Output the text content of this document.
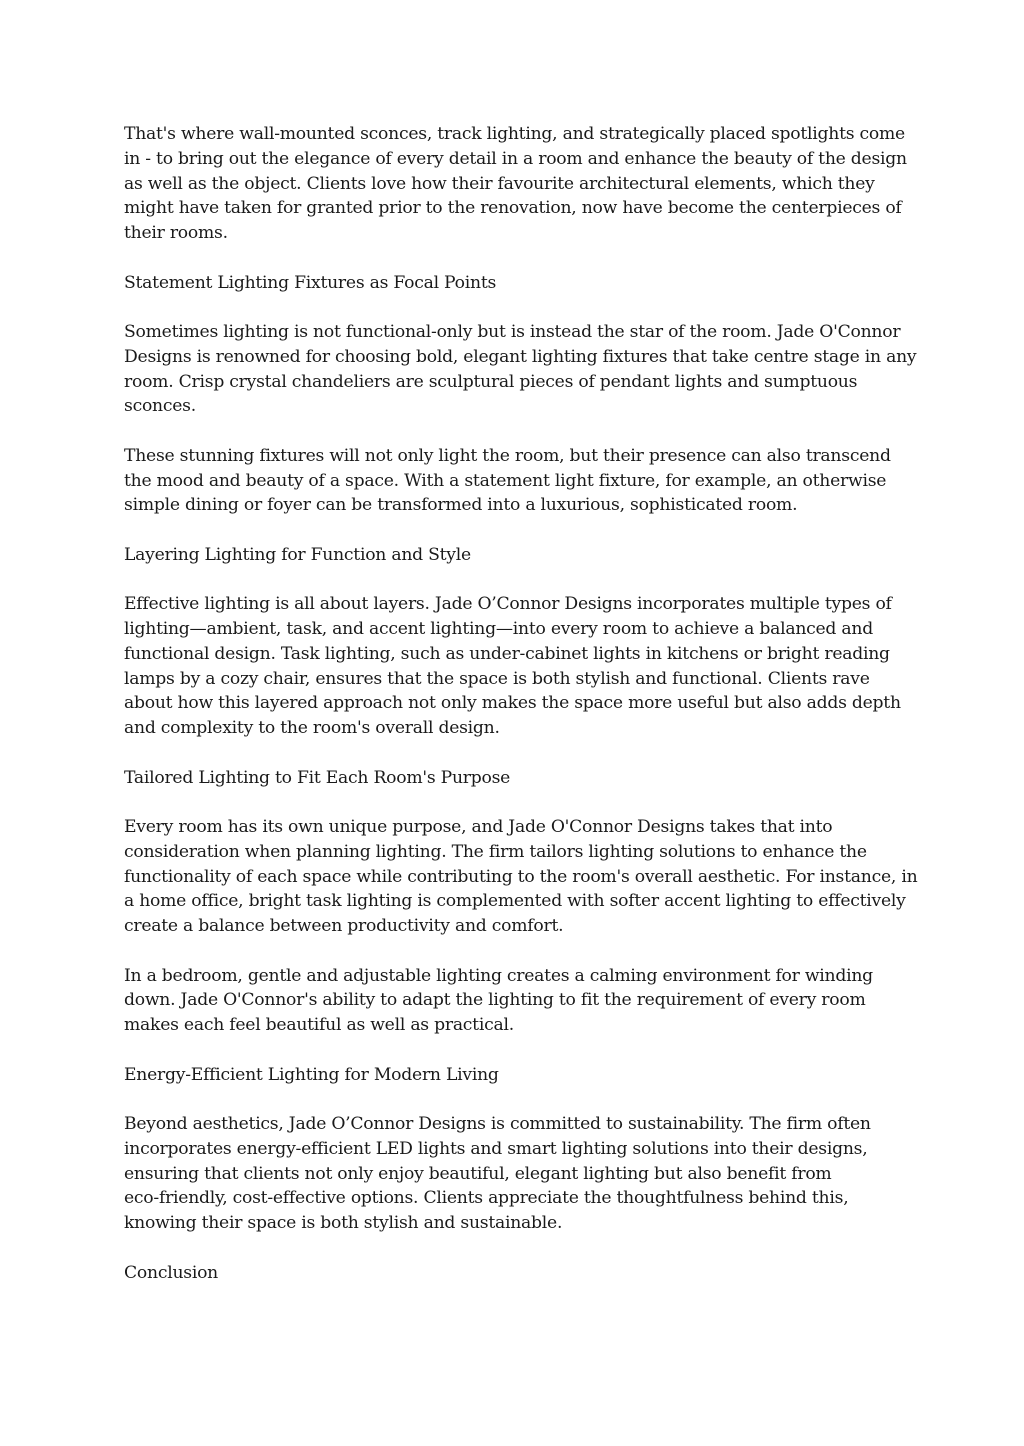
That's where wall-mounted sconces, track lighting, and strategically placed spotlights come
in - to bring out the elegance of every detail in a room and enhance the beauty of the design
as well as the object. Clients love how their favourite architectural elements, which they
might have taken for granted prior to the renovation, now have become the centerpieces of
their rooms.
Statement Lighting Fixtures as Focal Points
Sometimes lighting is not functional-only but is instead the star of the room. Jade O'Connor
Designs is renowned for choosing bold, elegant lighting fixtures that take centre stage in any
room. Crisp crystal chandeliers are sculptural pieces of pendant lights and sumptuous
sconces.
These stunning fixtures will not only light the room, but their presence can also transcend
the mood and beauty of a space. With a statement light fixture, for example, an otherwise
simple dining or foyer can be transformed into a luxurious, sophisticated room.
Layering Lighting for Function and Style
Effective lighting is all about layers. Jade O’Connor Designs incorporates multiple types of
lighting—ambient, task, and accent lighting—into every room to achieve a balanced and
functional design. Task lighting, such as under-cabinet lights in kitchens or bright reading
lamps by a cozy chair, ensures that the space is both stylish and functional. Clients rave
about how this layered approach not only makes the space more useful but also adds depth
and complexity to the room's overall design.
Tailored Lighting to Fit Each Room's Purpose
Every room has its own unique purpose, and Jade O'Connor Designs takes that into
consideration when planning lighting. The firm tailors lighting solutions to enhance the
functionality of each space while contributing to the room's overall aesthetic. For instance, in
a home office, bright task lighting is complemented with softer accent lighting to effectively
create a balance between productivity and comfort.
In a bedroom, gentle and adjustable lighting creates a calming environment for winding
down. Jade O'Connor's ability to adapt the lighting to fit the requirement of every room
makes each feel beautiful as well as practical.
Energy-Efficient Lighting for Modern Living
Beyond aesthetics, Jade O’Connor Designs is committed to sustainability. The firm often
incorporates energy-efficient LED lights and smart lighting solutions into their designs,
ensuring that clients not only enjoy beautiful, elegant lighting but also benefit from
eco-friendly, cost-effective options. Clients appreciate the thoughtfulness behind this,
knowing their space is both stylish and sustainable.
Conclusion
